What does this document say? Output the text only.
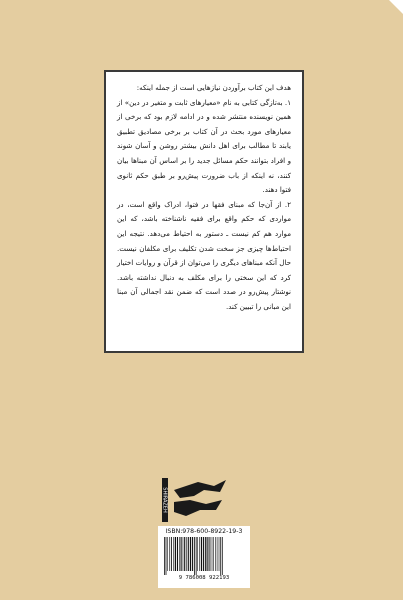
هدف این کتاب برآوردن نیازهایی است از جمله اینکه:

۱. به‌تازگی کتابی به نام «معیارهای ثابت و متغیر در دین» از همین نویسنده منتشر شده و در ادامه لازم بود که برخی از معیارهای مورد بحث در آن کتاب بر برخی مصادیق تطبیق یابند تا مطالب برای اهل دانش بیشتر روشن و آسان شوند و افراد بتوانند حکم مسائل جدید را بر اساس آن مبناها بیان کنند، نه اینکه از باب ضرورت پیش‌رو بر طبق حکم ثانوی فتوا دهند.

۲. از آن‌جا که مبنای فقها در فتوا، ادراک واقع است، در مواردی که حکم واقع برای فقیه ناشناخته باشد، که این موارد هم کم نیست ـ دستور به احتیاط می‌دهد. نتیجه این احتیاط‌ها چیزی جز سخت شدن تکلیف برای مکلفان نیست. حال آنکه مبناهای دیگری را می‌توان از قرآن و روایات اختیار کرد که این سختی را برای مکلف به دنبال نداشته باشد. نوشتار پیش‌رو در صدد است که ضمن نقد اجمالی آن مبنا این مبانی را تبیین کند.

SHIRAZEH
ISBN:978-600-8922-19-3
9 786008 922193
